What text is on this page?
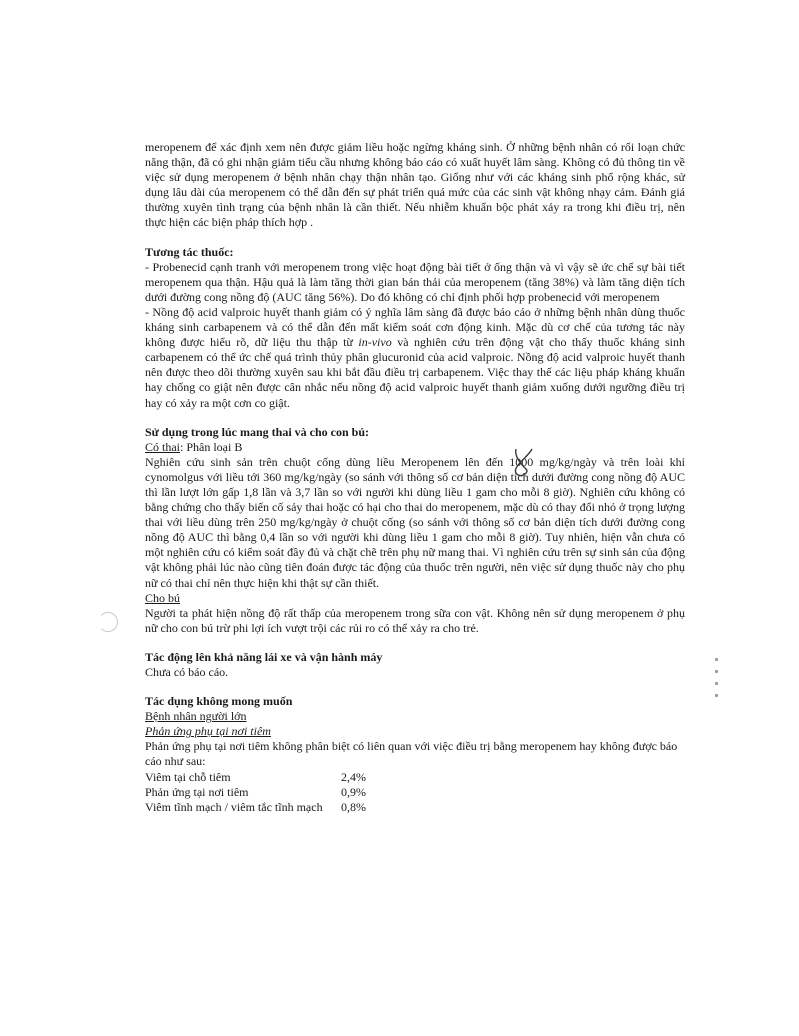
meropenem để xác định xem nên được giảm liều hoặc ngừng kháng sinh. Ở những bệnh nhân có rối loạn chức năng thận, đã có ghi nhận giảm tiểu cầu nhưng không báo cáo có xuất huyết lâm sàng. Không có đủ thông tin về việc sử dụng meropenem ở bệnh nhân chạy thận nhân tạo. Giống như với các kháng sinh phổ rộng khác, sử dụng lâu dài của meropenem có thể dẫn đến sự phát triển quá mức của các sinh vật không nhạy cảm. Đánh giá thường xuyên tình trạng của bệnh nhân là cần thiết. Nếu nhiễm khuẩn bộc phát xảy ra trong khi điều trị, nên thực hiện các biện pháp thích hợp .

Tương tác thuốc:

- Probenecid cạnh tranh với meropenem trong việc hoạt động bài tiết ở ống thận và vì vậy sẽ ức chế sự bài tiết meropenem qua thận. Hậu quả là làm tăng thời gian bán thải của meropenem (tăng 38%) và làm tăng diện tích dưới đường cong nồng độ (AUC tăng 56%). Do đó không có chỉ định phối hợp probenecid với meropenem

- Nồng độ acid valproic huyết thanh giảm có ý nghĩa lâm sàng đã được báo cáo ở những bệnh nhân dùng thuốc kháng sinh carbapenem và có thể dẫn đến mất kiểm soát cơn động kinh. Mặc dù cơ chế của tương tác này không được hiểu rõ, dữ liệu thu thập từ in-vivo và nghiên cứu trên động vật cho thấy thuốc kháng sinh carbapenem có thể ức chế quá trình thủy phân glucuronid của acid valproic. Nồng độ acid valproic huyết thanh nên được theo dõi thường xuyên sau khi bắt đầu điều trị carbapenem. Việc thay thế các liệu pháp kháng khuẩn hay chống co giật nên được cân nhắc nếu nồng độ acid valproic huyết thanh giảm xuống dưới ngưỡng điều trị hay có xảy ra một cơn co giật.

Sử dụng trong lúc mang thai và cho con bú:

Có thai: Phân loại B

Nghiên cứu sinh sản trên chuột cống dùng liều Meropenem lên đến 1000 mg/kg/ngày và trên loài khỉ cynomolgus với liều tới 360 mg/kg/ngày (so sánh với thông số cơ bản diện tích dưới đường cong nồng độ AUC thì lần lượt lớn gấp 1,8 lần và 3,7 lần so với người khi dùng liều 1 gam cho mỗi 8 giờ). Nghiên cứu không có bằng chứng cho thấy biến cố sảy thai hoặc có hại cho thai do meropenem, mặc dù có thay đổi nhỏ ở trọng lượng thai với liều dùng trên 250 mg/kg/ngày ở chuột cống (so sánh với thông số cơ bản diện tích dưới đường cong nồng độ AUC thì bằng 0,4 lần so với người khi dùng liều 1 gam cho mỗi 8 giờ). Tuy nhiên, hiện vẫn chưa có một nghiên cứu có kiểm soát đầy đủ và chặt chẽ trên phụ nữ mang thai. Vì nghiên cứu trên sự sinh sản của động vật không phải lúc nào cũng tiên đoán được tác động của thuốc trên người, nên việc sử dụng thuốc này cho phụ nữ có thai chỉ nên thực hiện khi thật sự cần thiết.

Cho bú

Người ta phát hiện nồng độ rất thấp của meropenem trong sữa con vật. Không nên sử dụng meropenem ở phụ nữ cho con bú trừ phi lợi ích vượt trội các rủi ro có thể xảy ra cho trẻ.

Tác động lên khả năng lái xe và vận hành máy

Chưa có báo cáo.

Tác dụng không mong muốn

Bệnh nhân người lớn

Phản ứng phụ tại nơi tiêm

Phản ứng phụ tại nơi tiêm không phân biệt có liên quan với việc điều trị bằng meropenem hay không được báo cáo như sau:

Viêm tại chỗ tiêm	2,4%
Phản ứng tại nơi tiêm	0,9%
Viêm tĩnh mạch / viêm tắc tĩnh mạch	0,8%
